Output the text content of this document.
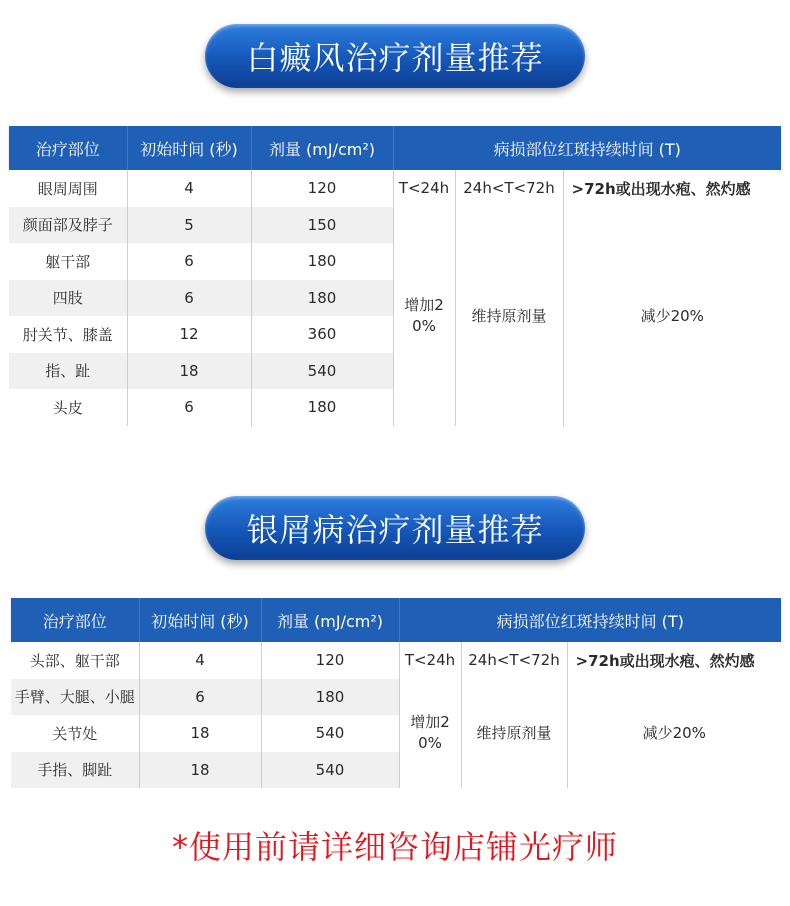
白癜风治疗剂量推荐
治疗部位	初始时间 (秒)	剂量 (mJ/cm²)	病损部位红斑持续时间 (T)		
眼周周围	4	120	T<24h	24h<T<72h	>72h或出现水疱、然灼感
颜面部及脖子	5	150	增加20%	维持原剂量	减少20%
躯干部	6	180			
四肢	6	180			
肘关节、膝盖	12	360			
指、趾	18	540			
头皮	6	180			
银屑病治疗剂量推荐
治疗部位	初始时间 (秒)	剂量 (mJ/cm²)	病损部位红斑持续时间 (T)		
头部、躯干部	4	120	T<24h	24h<T<72h	>72h或出现水疱、然灼感
手臂、大腿、小腿	6	180	增加20%	维持原剂量	减少20%
关节处	18	540			
手指、脚趾	18	540			
*使用前请详细咨询店铺光疗师
